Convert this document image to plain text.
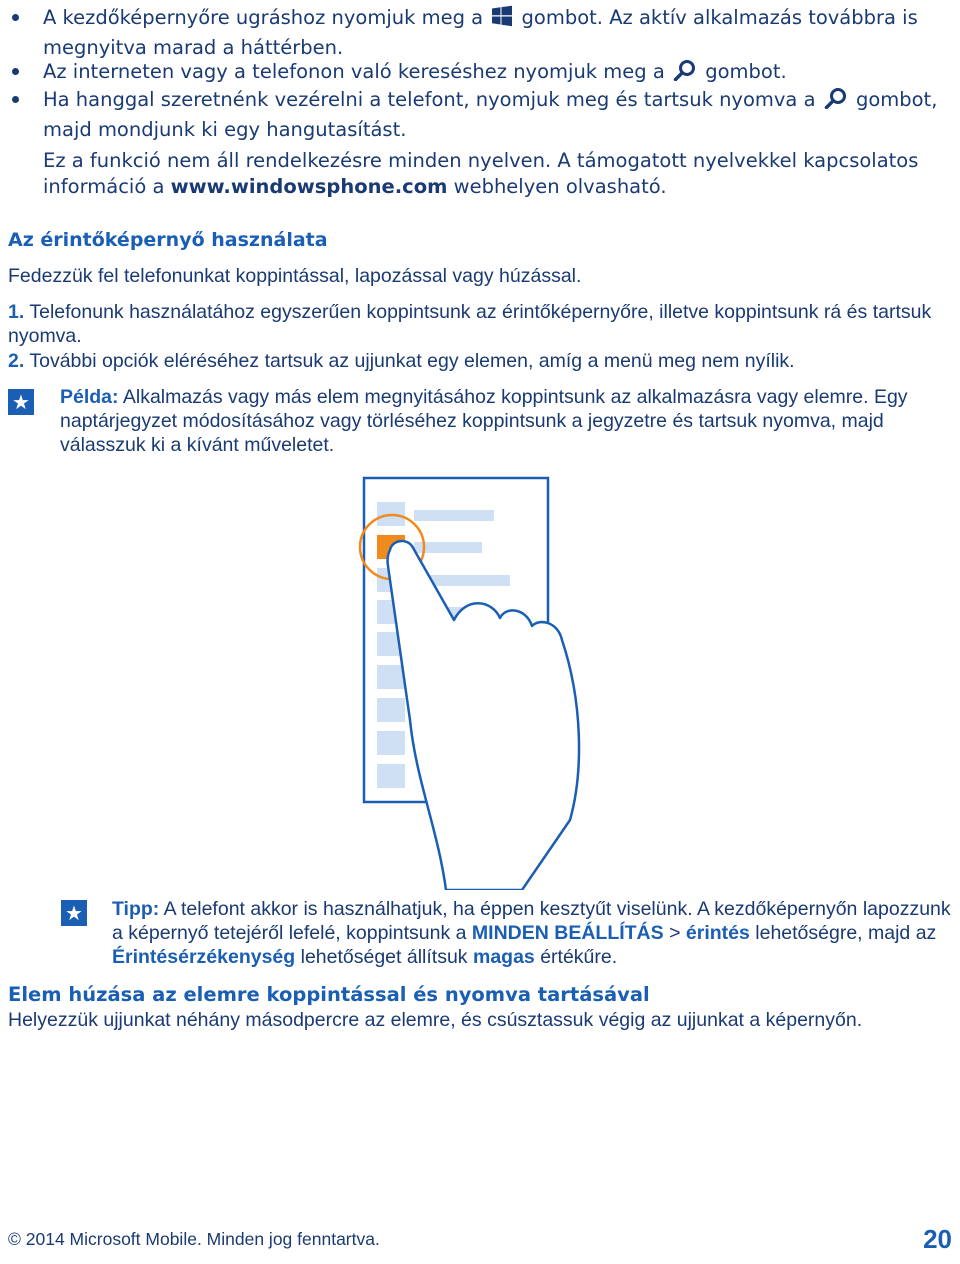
A kezdőképernyőre ugráshoz nyomjuk meg a gombot. Az aktív alkalmazás továbbra is megnyitva marad a háttérben.
Az interneten vagy a telefonon való kereséshez nyomjuk meg a gombot.
Ha hanggal szeretnénk vezérelni a telefont, nyomjuk meg és tartsuk nyomva a gombot, majd mondjunk ki egy hangutasítást.
Ez a funkció nem áll rendelkezésre minden nyelven. A támogatott nyelvekkel kapcsolatos információ a www.windowsphone.com webhelyen olvasható.
Az érintőképernyő használata
Fedezzük fel telefonunkat koppintással, lapozással vagy húzással.
1. Telefonunk használatához egyszerűen koppintsunk az érintőképernyőre, illetve koppintsunk rá és tartsuk nyomva.
2. További opciók eléréséhez tartsuk az ujjunkat egy elemen, amíg a menü meg nem nyílik.
★ Példa: Alkalmazás vagy más elem megnyitásához koppintsunk az alkalmazásra vagy elemre. Egy naptárjegyzet módosításához vagy törléséhez koppintsunk a jegyzetre és tartsuk nyomva, majd válasszuk ki a kívánt műveletet.
★ Tipp: A telefont akkor is használhatjuk, ha éppen kesztyűt viselünk. A kezdőképernyőn lapozzunk a képernyő tetejéről lefelé, koppintsunk a MINDEN BEÁLLÍTÁS > érintés lehetőségre, majd az Érintésérzékenység lehetőséget állítsuk magas értékűre.
Elem húzása az elemre koppintással és nyomva tartásával
Helyezzük ujjunkat néhány másodpercre az elemre, és csúsztassuk végig az ujjunkat a képernyőn.
© 2014 Microsoft Mobile. Minden jog fenntartva.	20
